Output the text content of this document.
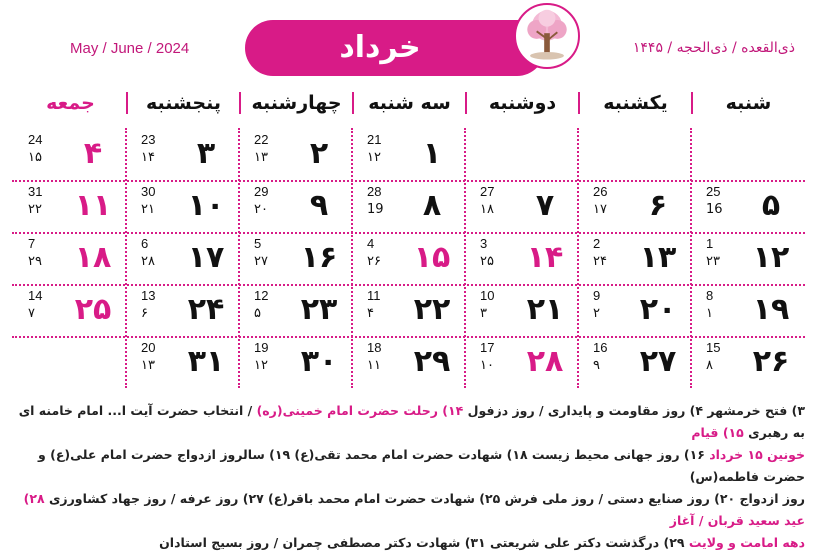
May / June / 2024	خرداد	ذی‌القعده / ذی‌الحجه / ۱۴۴۵
شنبه
یکشنبه
دوشنبه
سه شنبه
چهارشنبه
پنجشنبه
جمعه
۱
21
۱۲
۲
22
۱۳
۳
23
۱۴
۴
24
۱۵
۵
25
16
۶
26
۱۷
۷
27
۱۸
۸
28
19
۹
29
۲۰
۱۰
30
۲۱
۱۱
31
۲۲
۱۲
1
۲۳
۱۳
2
۲۴
۱۴
3
۲۵
۱۵
4
۲۶
۱۶
5
۲۷
۱۷
6
۲۸
۱۸
7
۲۹
۱۹
8
۱
۲۰
9
۲
۲۱
10
۳
۲۲
11
۴
۲۳
12
۵
۲۴
13
۶
۲۵
14
۷
۲۶
15
۸
۲۷
16
۹
۲۸
17
۱۰
۲۹
18
۱۱
۳۰
19
۱۲
۳۱
20
۱۳
۳) فتح خرمشهر ۴) روز مقاومت و پایداری / روز دزفول ۱۴) رحلت حضرت امام خمینی(ره) / انتخاب حضرت آیت ا... امام خامنه ای به رهبری ۱۵) قیام
خونین ۱۵ خرداد ۱۶) روز جهانی محیط زیست ۱۸) شهادت حضرت امام محمد تقی(ع) ۱۹) سالروز ازدواج حضرت امام علی(ع) و حضرت فاطمه(س)
روز ازدواج ۲۰) روز صنایع دستی / روز ملی فرش ۲۵) شهادت حضرت امام محمد باقر(ع) ۲۷) روز عرفه / روز جهاد کشاورزی ۲۸) عید سعید قربان / آغاز
دهه امامت و ولایت ۲۹) درگذشت دکتر علی شریعتی ۳۱) شهادت دکتر مصطفی چمران / روز بسیج استادان
